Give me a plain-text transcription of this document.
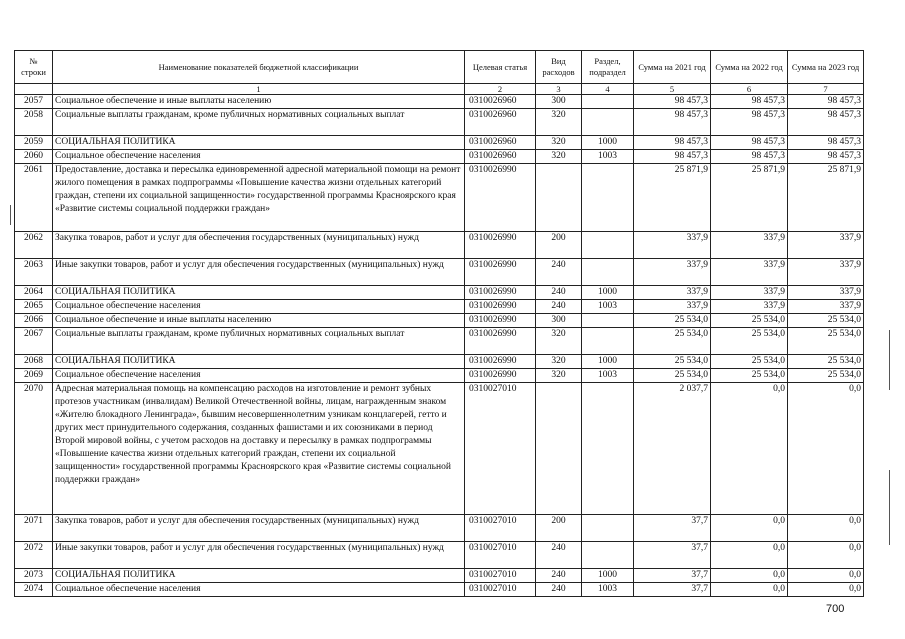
№ строки	Наименование показателей бюджетной классификации	Целевая статья	Вид расходов	Раздел, подраздел	Сумма на 2021 год	Сумма на 2022 год	Сумма на 2023 год
	1	2	3	4	5	6	7
2057	Социальное обеспечение и иные выплаты населению	0310026960	300		98 457,3	98 457,3	98 457,3
2058	Социальные выплаты гражданам, кроме публичных нормативных социальных выплат	0310026960	320		98 457,3	98 457,3	98 457,3
2059	СОЦИАЛЬНАЯ ПОЛИТИКА	0310026960	320	1000	98 457,3	98 457,3	98 457,3
2060	Социальное обеспечение населения	0310026960	320	1003	98 457,3	98 457,3	98 457,3
2061	Предоставление, доставка и пересылка единовременной адресной материальной помощи на ремонт жилого помещения в рамках подпрограммы «Повышение качества жизни отдельных категорий граждан, степени их социальной защищенности» государственной программы Красноярского края «Развитие системы социальной поддержки граждан»	0310026990			25 871,9	25 871,9	25 871,9
2062	Закупка товаров, работ и услуг для обеспечения государственных (муниципальных) нужд	0310026990	200		337,9	337,9	337,9
2063	Иные закупки товаров, работ и услуг для обеспечения государственных (муниципальных) нужд	0310026990	240		337,9	337,9	337,9
2064	СОЦИАЛЬНАЯ ПОЛИТИКА	0310026990	240	1000	337,9	337,9	337,9
2065	Социальное обеспечение населения	0310026990	240	1003	337,9	337,9	337,9
2066	Социальное обеспечение и иные выплаты населению	0310026990	300		25 534,0	25 534,0	25 534,0
2067	Социальные выплаты гражданам, кроме публичных нормативных социальных выплат	0310026990	320		25 534,0	25 534,0	25 534,0
2068	СОЦИАЛЬНАЯ ПОЛИТИКА	0310026990	320	1000	25 534,0	25 534,0	25 534,0
2069	Социальное обеспечение населения	0310026990	320	1003	25 534,0	25 534,0	25 534,0
2070	Адресная материальная помощь на компенсацию расходов на изготовление и ремонт зубных протезов участникам (инвалидам) Великой Отечественной войны, лицам, награжденным знаком «Жителю блокадного Ленинграда», бывшим несовершеннолетним узникам концлагерей, гетто и других мест принудительного содержания, созданных фашистами и их союзниками в период Второй мировой войны, с учетом расходов на доставку и пересылку в рамках подпрограммы «Повышение качества жизни отдельных категорий граждан, степени их социальной защищенности» государственной программы Красноярского края «Развитие системы социальной поддержки граждан»	0310027010			2 037,7	0,0	0,0
2071	Закупка товаров, работ и услуг для обеспечения государственных (муниципальных) нужд	0310027010	200		37,7	0,0	0,0
2072	Иные закупки товаров, работ и услуг для обеспечения государственных (муниципальных) нужд	0310027010	240		37,7	0,0	0,0
2073	СОЦИАЛЬНАЯ ПОЛИТИКА	0310027010	240	1000	37,7	0,0	0,0
2074	Социальное обеспечение населения	0310027010	240	1003	37,7	0,0	0,0
700
